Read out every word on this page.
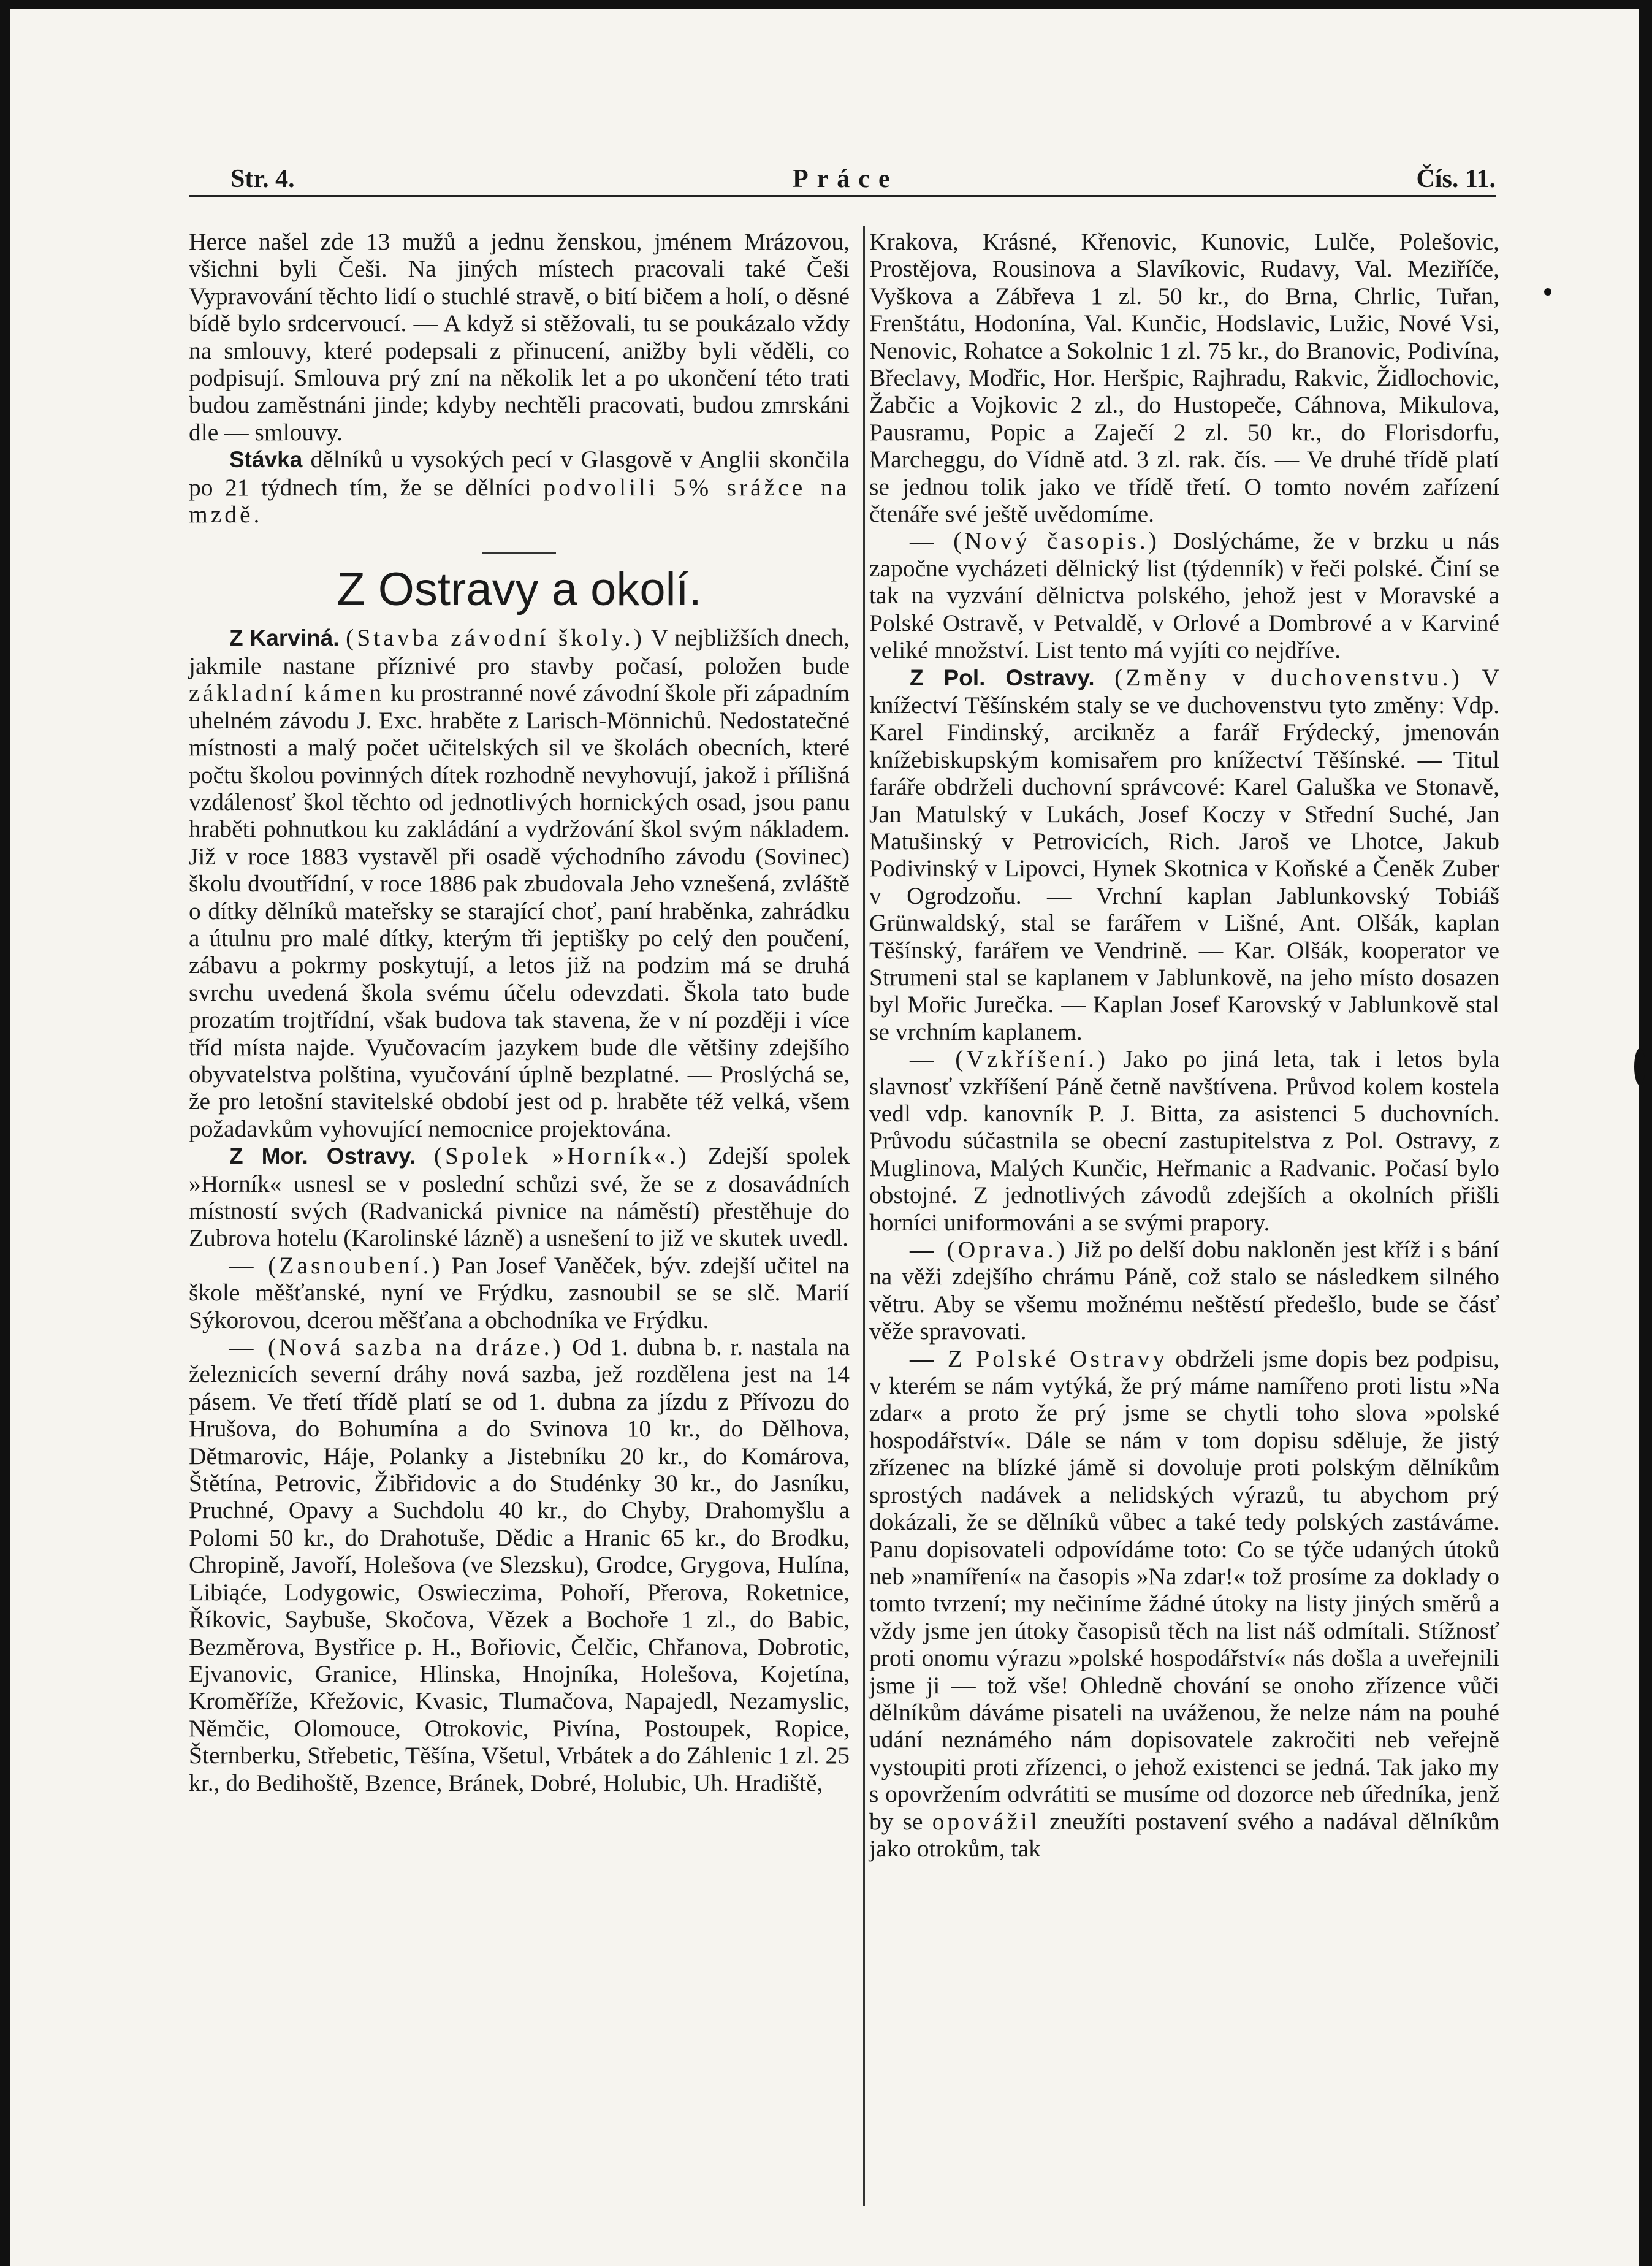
Str. 4.	Práce	Čís. 11.

Herce našel zde 13 mužů a jednu ženskou, jménem Mrázovou, všichni byli Češi. Na jiných místech pracovali také Češi Vypravování těchto lidí o stuchlé stravě, o bití bičem a holí, o děsné bídě bylo srdcervoucí. — A když si stěžovali, tu se poukázalo vždy na smlouvy, které podepsali z přinucení, anižby byli věděli, co podpisují. Smlouva prý zní na několik let a po ukončení této trati budou zaměstnáni jinde; kdyby nechtěli pracovati, budou zmrskáni dle — smlouvy.

Stávka dělníků u vysokých pecí v Glasgově v Anglii skončila po 21 týdnech tím, že se dělníci podvolili 5% srážce na mzdě.

Z Ostravy a okolí.

Z Karviná. (Stavba závodní školy.) V nejbližších dnech, jakmile nastane příznivé pro stavby počasí, položen bude základní kámen ku prostranné nové závodní škole při západním uhelném závodu J. Exc. hraběte z Larisch-Mönnichů. Nedostatečné místnosti a malý počet učitelských sil ve školách obecních, které počtu školou povinných dítek rozhodně nevyhovují, jakož i přílišná vzdálenosť škol těchto od jednotlivých hornických osad, jsou panu hraběti pohnutkou ku zakládání a vydržování škol svým nákladem. Již v roce 1883 vystavěl při osadě východního závodu (Sovinec) školu dvoutřídní, v roce 1886 pak zbudovala Jeho vznešená, zvláště o dítky dělníků mateřsky se starající choť, paní hraběnka, zahrádku a útulnu pro malé dítky, kterým tři jeptišky po celý den poučení, zábavu a pokrmy poskytují, a letos již na podzim má se druhá svrchu uvedená škola svému účelu odevzdati. Škola tato bude prozatím trojtřídní, však budova tak stavena, že v ní později i více tříd místa najde. Vyučovacím jazykem bude dle většiny zdejšího obyvatelstva polština, vyučování úplně bezplatné. — Proslýchá se, že pro letošní stavitelské období jest od p. hraběte též velká, všem požadavkům vyhovující nemocnice projektována.

Z Mor. Ostravy. (Spolek »Horník«.) Zdejší spolek »Horník« usnesl se v poslední schůzi své, že se z dosavádních místností svých (Radvanická pivnice na náměstí) přestěhuje do Zubrova hotelu (Karolinské lázně) a usnešení to již ve skutek uvedl.

— (Zasnoubení.) Pan Josef Vaněček, býv. zdejší učitel na škole měšťanské, nyní ve Frýdku, zasnoubil se se slč. Marií Sýkorovou, dcerou měšťana a obchodníka ve Frýdku.

— (Nová sazba na dráze.) Od 1. dubna b. r. nastala na železnicích severní dráhy nová sazba, jež rozdělena jest na 14 pásem. Ve třetí třídě platí se od 1. dubna za jízdu z Přívozu do Hrušova, do Bohumína a do Svinova 10 kr., do Dělhova, Dětmarovic, Háje, Polanky a Jistebníku 20 kr., do Komárova, Štětína, Petrovic, Žibřidovic a do Studénky 30 kr., do Jasníku, Pruchné, Opavy a Suchdolu 40 kr., do Chyby, Drahomyšlu a Polomi 50 kr., do Drahotuše, Dědic a Hranic 65 kr., do Brodku, Chropině, Javoří, Holešova (ve Slezsku), Grodce, Grygova, Hulína, Libiąće, Lodygowic, Oswieczima, Pohoří, Přerova, Roketnice, Říkovic, Saybuše, Skočova, Vězek a Bochoře 1 zl., do Babic, Bezměrova, Bystřice p. H., Bořiovic, Čelčic, Chřanova, Dobrotic, Ejvanovic, Granice, Hlinska, Hnojníka, Holešova, Kojetína, Kroměříže, Křežovic, Kvasic, Tlumačova, Napajedl, Nezamyslic, Němčic, Olomouce, Otrokovic, Pivína, Postoupek, Ropice, Šternberku, Střebetic, Těšína, Všetul, Vrbátek a do Záhlenic 1 zl. 25 kr., do Bedihoště, Bzence, Bránek, Dobré, Holubic, Uh. Hradiště,

Krakova, Krásné, Křenovic, Kunovic, Lulče, Polešovic, Prostějova, Rousinova a Slavíkovic, Rudavy, Val. Meziříče, Vyškova a Zábřeva 1 zl. 50 kr., do Brna, Chrlic, Tuřan, Frenštátu, Hodonína, Val. Kunčic, Hodslavic, Lužic, Nové Vsi, Nenovic, Rohatce a Sokolnic 1 zl. 75 kr., do Branovic, Podivína, Břeclavy, Modřic, Hor. Heršpic, Rajhradu, Rakvic, Židlochovic, Žabčic a Vojkovic 2 zl., do Hustopeče, Cáhnova, Mikulova, Pausramu, Popic a Zaječí 2 zl. 50 kr., do Florisdorfu, Marcheggu, do Vídně atd. 3 zl. rak. čís. — Ve druhé třídě platí se jednou tolik jako ve třídě třetí. O tomto novém zařízení čtenáře své ještě uvědomíme.

— (Nový časopis.) Doslýcháme, že v brzku u nás započne vycházeti dělnický list (týdenník) v řeči polské. Činí se tak na vyzvání dělnictva polského, jehož jest v Moravské a Polské Ostravě, v Petvaldě, v Orlové a Dombrové a v Karviné veliké množství. List tento má vyjíti co nejdříve.

Z Pol. Ostravy. (Změny v duchovenstvu.) V knížectví Těšínském staly se ve duchovenstvu tyto změny: Vdp. Karel Findinský, arcikněz a farář Frýdecký, jmenován knížebiskupským komisařem pro knížectví Těšínské. — Titul faráře obdrželi duchovní správcové: Karel Galuška ve Stonavě, Jan Matulský v Lukách, Josef Koczy v Střední Suché, Jan Matušinský v Petrovicích, Rich. Jaroš ve Lhotce, Jakub Podivinský v Lipovci, Hynek Skotnica v Koňské a Čeněk Zuber v Ogrodzoňu. — Vrchní kaplan Jablunkovský Tobiáš Grünwaldský, stal se farářem v Lišné, Ant. Olšák, kaplan Těšínský, farářem ve Vendrině. — Kar. Olšák, kooperator ve Strumeni stal se kaplanem v Jablunkově, na jeho místo dosazen byl Mořic Jurečka. — Kaplan Josef Karovský v Jablunkově stal se vrchním kaplanem.

— (Vzkříšení.) Jako po jiná leta, tak i letos byla slavnosť vzkříšení Páně četně navštívena. Průvod kolem kostela vedl vdp. kanovník P. J. Bitta, za asistenci 5 duchovních. Průvodu súčastnila se obecní zastupitelstva z Pol. Ostravy, z Muglinova, Malých Kunčic, Heřmanic a Radvanic. Počasí bylo obstojné. Z jednotlivých závodů zdejších a okolních přišli horníci uniformováni a se svými prapory.

— (Oprava.) Již po delší dobu nakloněn jest kříž i s bání na věži zdejšího chrámu Páně, což stalo se následkem silného větru. Aby se všemu možnému neštěstí předešlo, bude se čásť věže spravovati.

— Z Polské Ostravy obdrželi jsme dopis bez podpisu, v kterém se nám vytýká, že prý máme namířeno proti listu »Na zdar« a proto že prý jsme se chytli toho slova »polské hospodářství«. Dále se nám v tom dopisu sděluje, že jistý zřízenec na blízké jámě si dovoluje proti polským dělníkům sprostých nadávek a nelidských výrazů, tu abychom prý dokázali, že se dělníků vůbec a také tedy polských zastáváme. Panu dopisovateli odpovídáme toto: Co se týče udaných útoků neb »namíření« na časopis »Na zdar!« tož prosíme za doklady o tomto tvrzení; my nečiníme žádné útoky na listy jiných směrů a vždy jsme jen útoky časopisů těch na list náš odmítali. Stížnosť proti onomu výrazu »polské hospodářství« nás došla a uveřejnili jsme ji — tož vše! Ohledně chování se onoho zřízence vůči dělníkům dáváme pisateli na uváženou, že nelze nám na pouhé udání neznámého nám dopisovatele zakročiti neb veřejně vystoupiti proti zřízenci, o jehož existenci se jedná. Tak jako my s opovržením odvrátiti se musíme od dozorce neb úředníka, jenž by se opovážil zneužíti postavení svého a nadával dělníkům jako otrokům, tak
